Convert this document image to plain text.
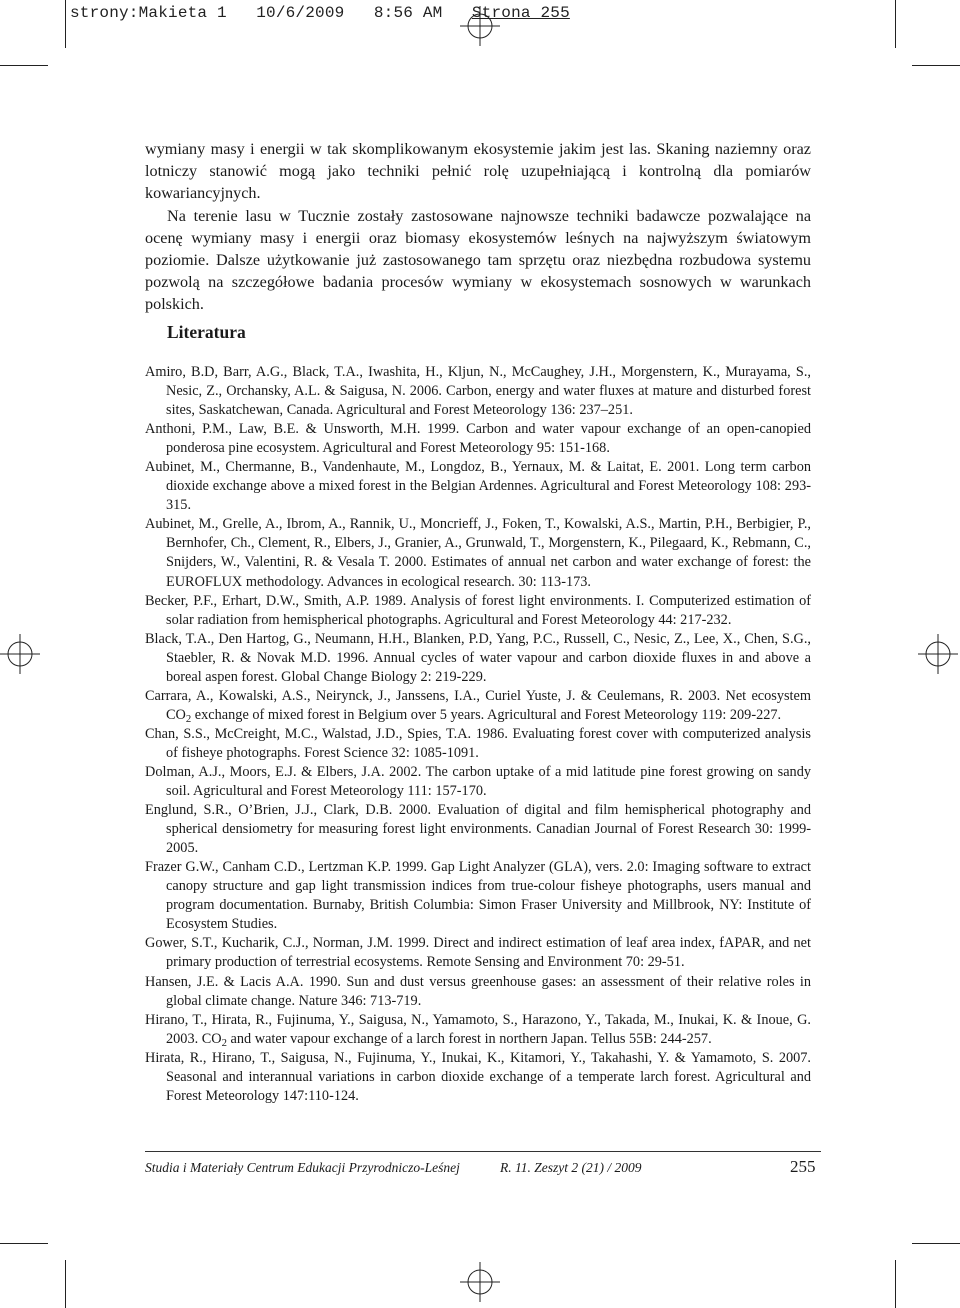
strony:Makieta 1   10/6/2009   8:56 AM   Strona 255

wymiany masy i energii w tak skomplikowanym ekosystemie jakim jest las. Skaning naziemny oraz lotniczy stanowić mogą jako techniki pełnić rolę uzupełniającą i kontrolną dla pomiarów kowariancyjnych.

Na terenie lasu w Tucznie zostały zastosowane najnowsze techniki badawcze pozwalające na ocenę wymiany masy i energii oraz biomasy ekosystemów leśnych na najwyższym światowym poziomie. Dalsze użytkowanie już zastosowanego tam sprzętu oraz niezbędna rozbudowa systemu pozwolą na szczegółowe badania procesów wymiany w ekosystemach sosnowych w warunkach polskich.

Literatura
Amiro, B.D, Barr, A.G., Black, T.A., Iwashita, H., Kljun, N., McCaughey, J.H., Morgenstern, K., Murayama, S., Nesic, Z., Orchansky, A.L. & Saigusa, N. 2006. Carbon, energy and water fluxes at mature and disturbed forest sites, Saskatchewan, Canada. Agricultural and Forest Meteorology 136: 237–251.
Anthoni, P.M., Law, B.E. & Unsworth, M.H. 1999. Carbon and water vapour exchange of an open-canopied ponderosa pine ecosystem. Agricultural and Forest Meteorology 95: 151-168.
Aubinet, M., Chermanne, B., Vandenhaute, M., Longdoz, B., Yernaux, M. & Laitat, E. 2001. Long term carbon dioxide exchange above a mixed forest in the Belgian Ardennes. Agricultural and Forest Meteorology 108: 293-315.
Aubinet, M., Grelle, A., Ibrom, A., Rannik, U., Moncrieff, J., Foken, T., Kowalski, A.S., Martin, P.H., Berbigier, P., Bernhofer, Ch., Clement, R., Elbers, J., Granier, A., Grunwald, T., Morgenstern, K., Pilegaard, K., Rebmann, C., Snijders, W., Valentini, R. & Vesala T. 2000. Estimates of annual net carbon and water exchange of forest: the EUROFLUX methodology. Advances in ecological research. 30: 113-173.
Becker, P.F., Erhart, D.W., Smith, A.P. 1989. Analysis of forest light environments. I. Computerized estimation of solar radiation from hemispherical photographs. Agricultural and Forest Meteorology 44: 217-232.
Black, T.A., Den Hartog, G., Neumann, H.H., Blanken, P.D, Yang, P.C., Russell, C., Nesic, Z., Lee, X., Chen, S.G., Staebler, R. & Novak M.D. 1996. Annual cycles of water vapour and carbon dioxide fluxes in and above a boreal aspen forest. Global Change Biology 2: 219-229.
Carrara, A., Kowalski, A.S., Neirynck, J., Janssens, I.A., Curiel Yuste, J. & Ceulemans, R. 2003. Net ecosystem $CO_2$ exchange of mixed forest in Belgium over 5 years. Agricultural and Forest Meteorology 119: 209-227.
Chan, S.S., McCreight, M.C., Walstad, J.D., Spies, T.A. 1986. Evaluating forest cover with computerized analysis of fisheye photographs. Forest Science 32: 1085-1091.
Dolman, A.J., Moors, E.J. & Elbers, J.A. 2002. The carbon uptake of a mid latitude pine forest growing on sandy soil. Agricultural and Forest Meteorology 111: 157-170.
Englund, S.R., O’Brien, J.J., Clark, D.B. 2000. Evaluation of digital and film hemispherical photography and spherical densiometry for measuring forest light environments. Canadian Journal of Forest Research 30: 1999-2005.
Frazer G.W., Canham C.D., Lertzman K.P. 1999. Gap Light Analyzer (GLA), vers. 2.0: Imaging software to extract canopy structure and gap light transmission indices from true-colour fisheye photographs, users manual and program documentation. Burnaby, British Columbia: Simon Fraser University and Millbrook, NY: Institute of Ecosystem Studies.
Gower, S.T., Kucharik, C.J., Norman, J.M. 1999. Direct and indirect estimation of leaf area index, fAPAR, and net primary production of terrestrial ecosystems. Remote Sensing and Environment 70: 29-51.
Hansen, J.E. & Lacis A.A. 1990. Sun and dust versus greenhouse gases: an assessment of their relative roles in global climate change. Nature 346: 713-719.
Hirano, T., Hirata, R., Fujinuma, Y., Saigusa, N., Yamamoto, S., Harazono, Y., Takada, M., Inukai, K. & Inoue, G. 2003. $CO_2$ and water vapour exchange of a larch forest in northern Japan. Tellus 55B: 244-257.
Hirata, R., Hirano, T., Saigusa, N., Fujinuma, Y., Inukai, K., Kitamori, Y., Takahashi, Y. & Yamamoto, S. 2007. Seasonal and interannual variations in carbon dioxide exchange of a temperate larch forest. Agricultural and Forest Meteorology 147:110-124.
Studia i Materiały Centrum Edukacji Przyrodniczo-Leśnej	R. 11. Zeszyt 2 (21) / 2009	255
